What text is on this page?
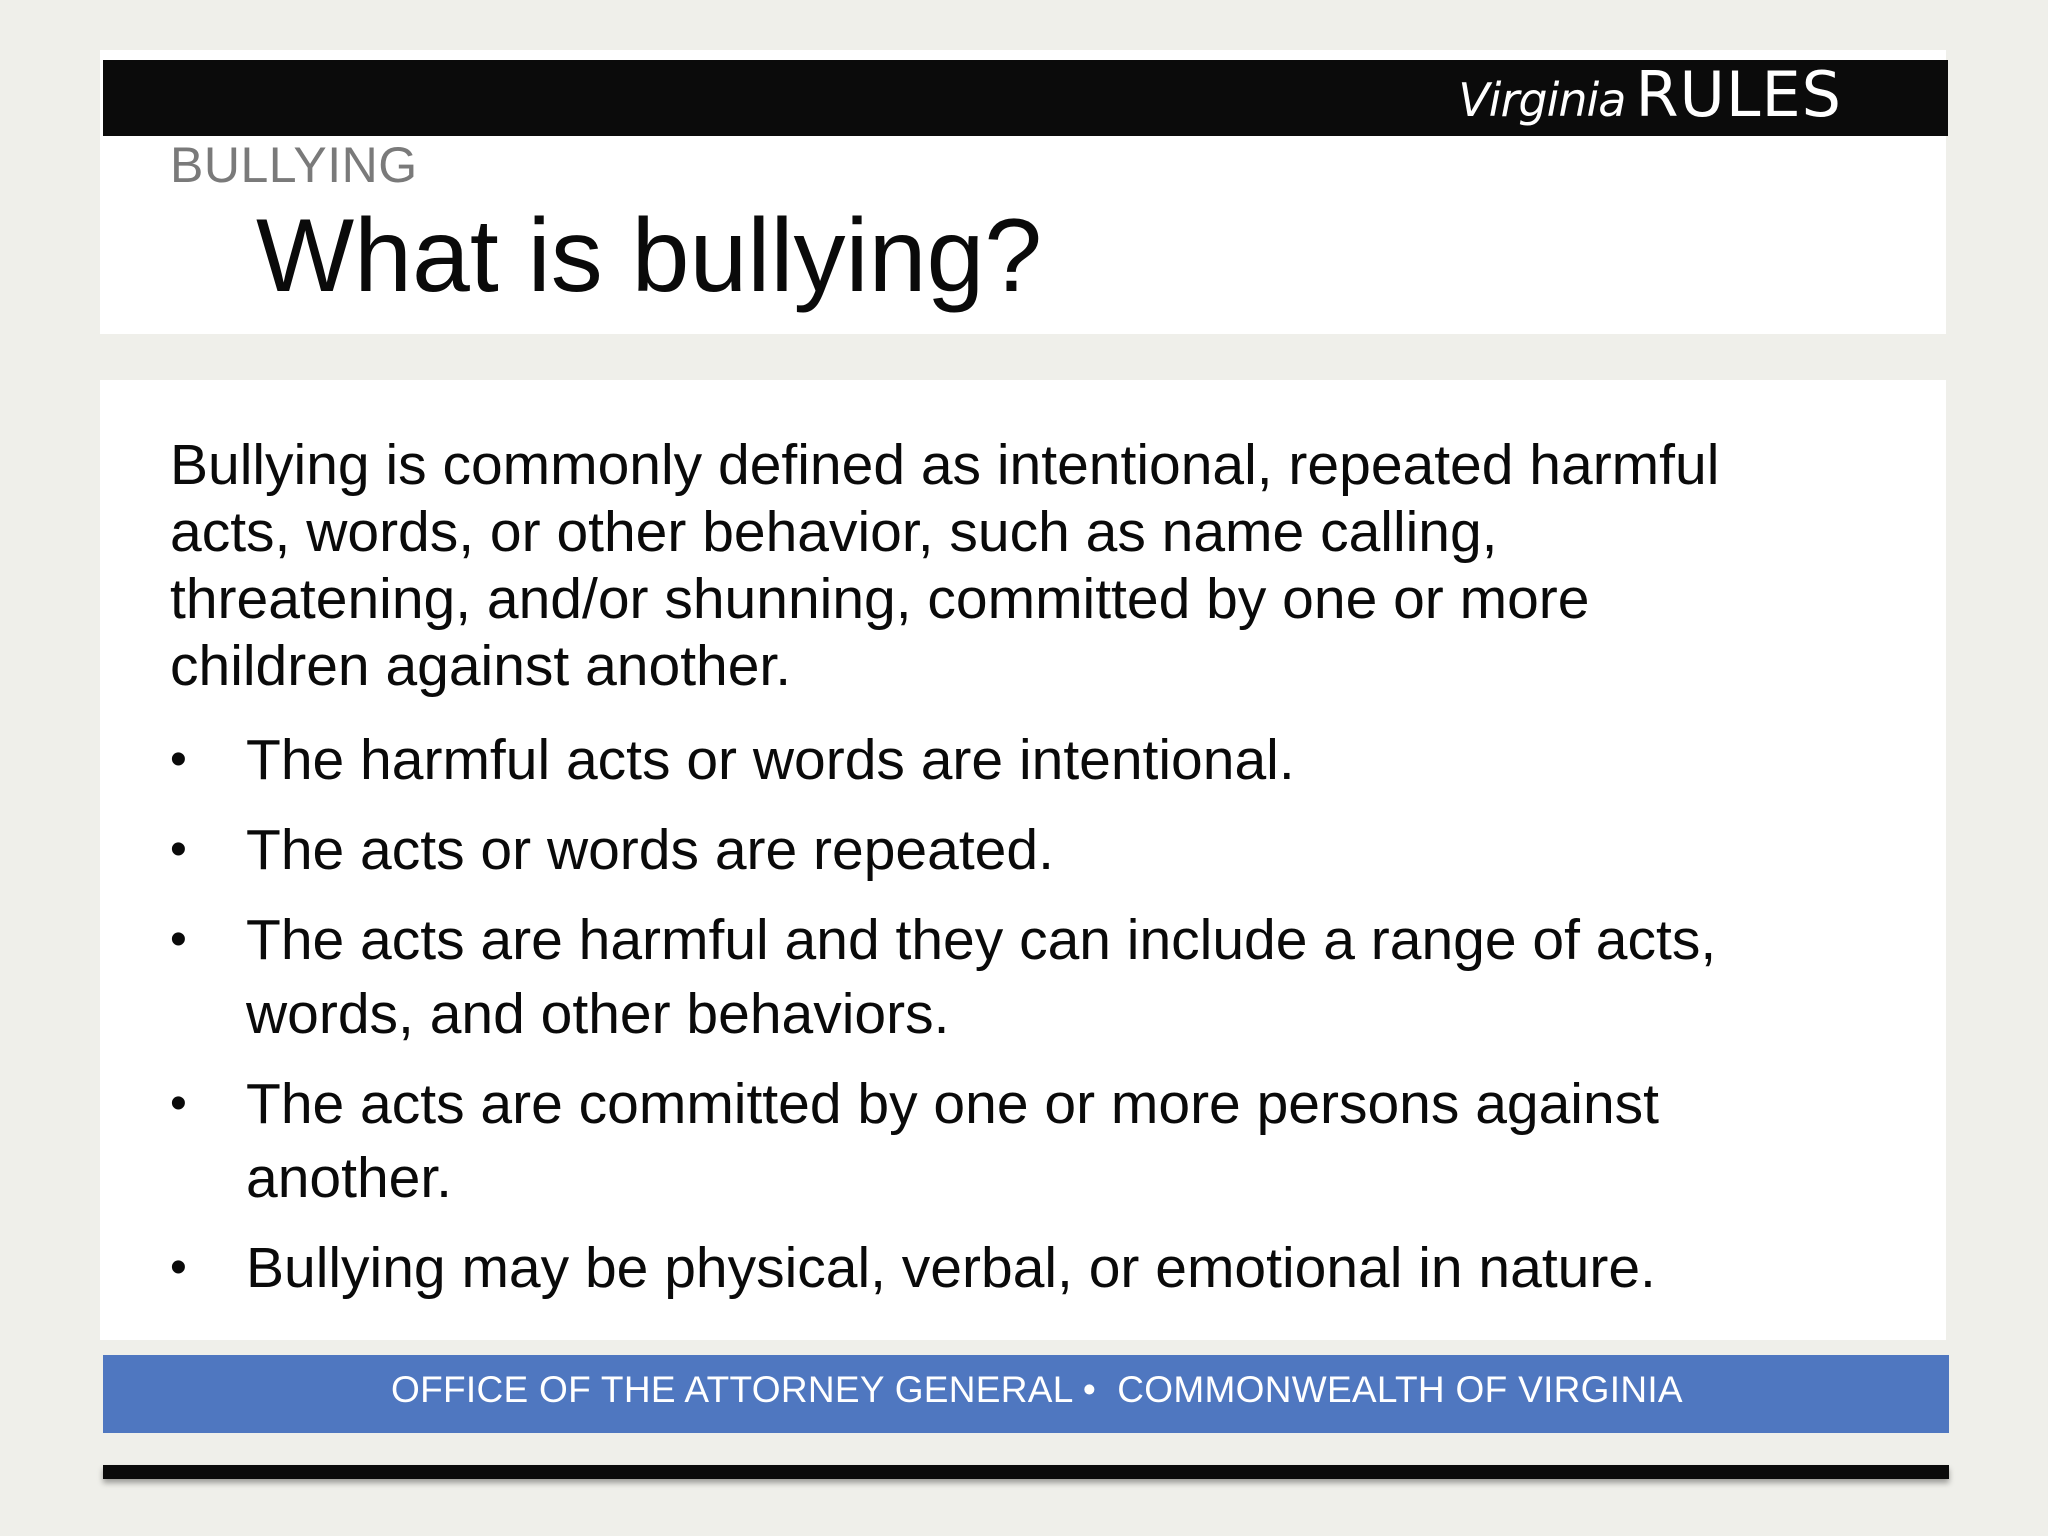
Virginia RULES
BULLYING
What is bullying?

Bullying is commonly defined as intentional, repeated harmful acts, words, or other behavior, such as name calling, threatening, and/or shunning, committed by one or more children against another.

• The harmful acts or words are intentional.
• The acts or words are repeated.
• The acts are harmful and they can include a range of acts, words, and other behaviors.
• The acts are committed by one or more persons against another.
• Bullying may be physical, verbal, or emotional in nature.
OFFICE OF THE ATTORNEY GENERAL •  COMMONWEALTH OF VIRGINIA
